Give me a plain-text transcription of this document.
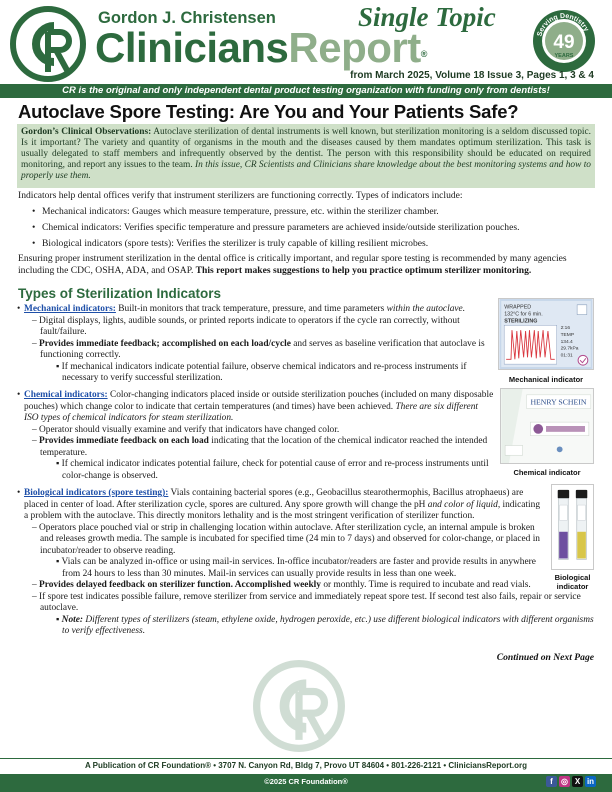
Gordon J. Christensen	Single Topic
CliniciansReport®
Serving Dentistry
49
YEARS
from March 2025, Volume 18 Issue 3, Pages 1, 3 & 4
CR is the original and only independent dental product testing organization with funding only from dentists!
Autoclave Spore Testing: Are You and Your Patients Safe?
Gordon’s Clinical Observations: Autoclave sterilization of dental instruments is well known, but sterilization monitoring is a seldom discussed topic. Is it important? The variety and quantity of organisms in the mouth and the diseases caused by them mandates optimum sterilization. This task is usually delegated to staff members and infrequently observed by the dentist. The person with this responsibility should be educated on required monitoring, and report any issues to the team. In this issue, CR Scientists and Clinicians share knowledge about the best monitoring systems and how to properly use them.
Indicators help dental offices verify that instrument sterilizers are functioning correctly. Types of indicators include:
• Mechanical indicators: Gauges which measure temperature, pressure, etc. within the sterilizer chamber.
• Chemical indicators: Verifies specific temperature and pressure parameters are achieved inside/outside sterilization pouches.
• Biological indicators (spore tests): Verifies the sterilizer is truly capable of killing resilient microbes.
Ensuring proper instrument sterilization in the dental office is critically important, and regular spore testing is recommended by many agencies including the CDC, OSHA, ADA, and OSAP. This report makes suggestions to help you practice optimum sterilizer monitoring.
Types of Sterilization Indicators
• Mechanical indicators: Built-in monitors that track temperature, pressure, and time parameters within the autoclave.
– Digital displays, lights, audible sounds, or printed reports indicate to operators if the cycle ran correctly, without fault/failure.
– Provides immediate feedback; accomplished on each load/cycle and serves as baseline verification that autoclave is functioning correctly.
▪ If mechanical indicators indicate potential failure, observe chemical indicators and re-process instruments if necessary to verify successful sterilization.
WRAPPED
132°C for 6 min.
STERILIZING
2:16
TEMP
134.4
29.7kPa
01:31
Mechanical indicator
• Chemical indicators: Color-changing indicators placed inside or outside sterilization pouches (included on many disposable pouches) which change color to indicate that certain temperatures (and times) have been achieved. There are six different ISO types of chemical indicators for steam sterilization.
– Operator should visually examine and verify that indicators have changed color.
– Provides immediate feedback on each load indicating that the location of the chemical indicator reached the intended temperature.
▪ If chemical indicator indicates potential failure, check for potential cause of error and re-process instruments until color-change is observed.
HENRY SCHEIN
Chemical indicator
• Biological indicators (spore testing): Vials containing bacterial spores (e.g., Geobacillus stearothermophis, Bacillus atrophaeus) are placed in center of load. After sterilization cycle, spores are cultured. Any spore growth will change the pH and color of liquid, indicating a problem with the autoclave. This directly monitors lethality and is the most stringent verification of sterilizer function.
– Operators place pouched vial or strip in challenging location within autoclave. After sterilization cycle, an internal ampule is broken and releases growth media. The sample is incubated for specified time (24 min to 7 days) and observed for color-change, or placed in incubator/reader to observe reading.
▪ Vials can be analyzed in-office or using mail-in services. In-office incubator/readers are faster and provide results in anywhere from 24 hours to less than 30 minutes. Mail-in services can usually provide results in less than one week.
– Provides delayed feedback on sterilizer function. Accomplished weekly or monthly. Time is required to incubate and read vials.
– If spore test indicates possible failure, remove sterilizer from service and immediately repeat spore test. If second test also fails, repair or service autoclave.
▪ Note: Different types of sterilizers (steam, ethylene oxide, hydrogen peroxide, etc.) use different biological indicators with different organisms to verify effectiveness.
Biological
indicator
Continued on Next Page
A Publication of CR Foundation® • 3707 N. Canyon Rd, Bldg 7, Provo UT 84604 • 801-226-2121 • CliniciansReport.org
©2025 CR Foundation®	f	◎ X in
